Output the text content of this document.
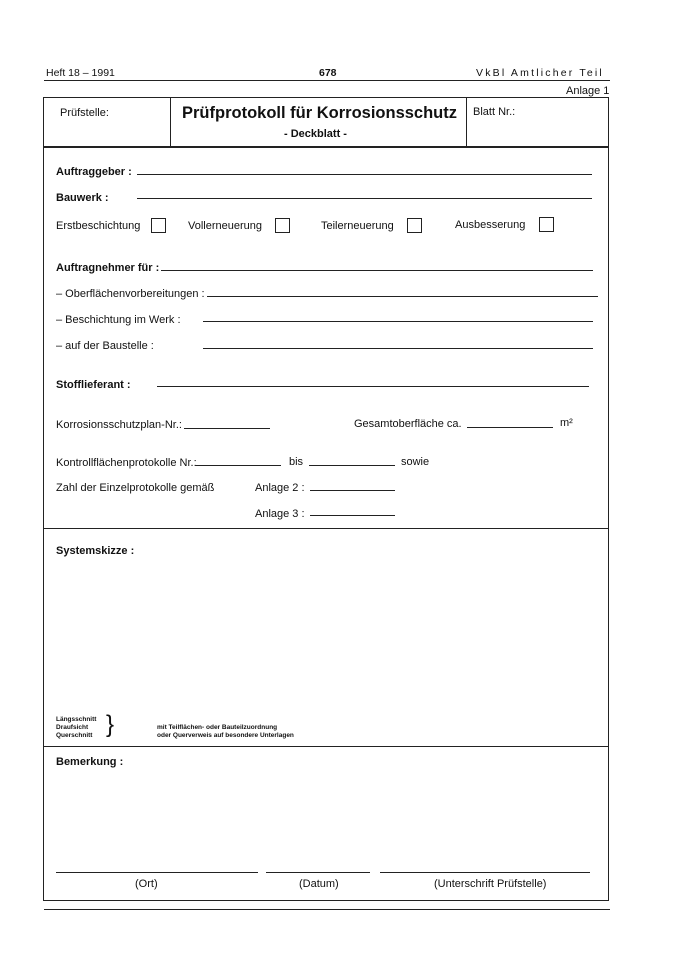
Heft 18 – 1991	678	VkBl Amtlicher Teil
Anlage 1
Prüfstelle:	Prüfprotokoll für Korrosionsschutz
- Deckblatt -
Blatt Nr.:
Auftraggeber :
Bauwerk :
Erstbeschichtung	Vollerneuerung	Teilerneuerung	Ausbesserung
Auftragnehmer für :
– Oberflächenvorbereitungen :
– Beschichtung im Werk :
– auf der Baustelle :
Stofflieferant :
Korrosionsschutzplan-Nr.:	Gesamtoberfläche ca.	m²
Kontrollflächenprotokolle Nr.:	bis	sowie
Zahl der Einzelprotokolle gemäß	Anlage 2 :
Anlage 3 :
Systemskizze :
Längsschnitt
Draufsicht
Querschnitt }	mit Teilflächen- oder Bauteilzuordnung
oder Querverweis auf besondere Unterlagen
Bemerkung :
(Ort)	(Datum)	(Unterschrift Prüfstelle)
